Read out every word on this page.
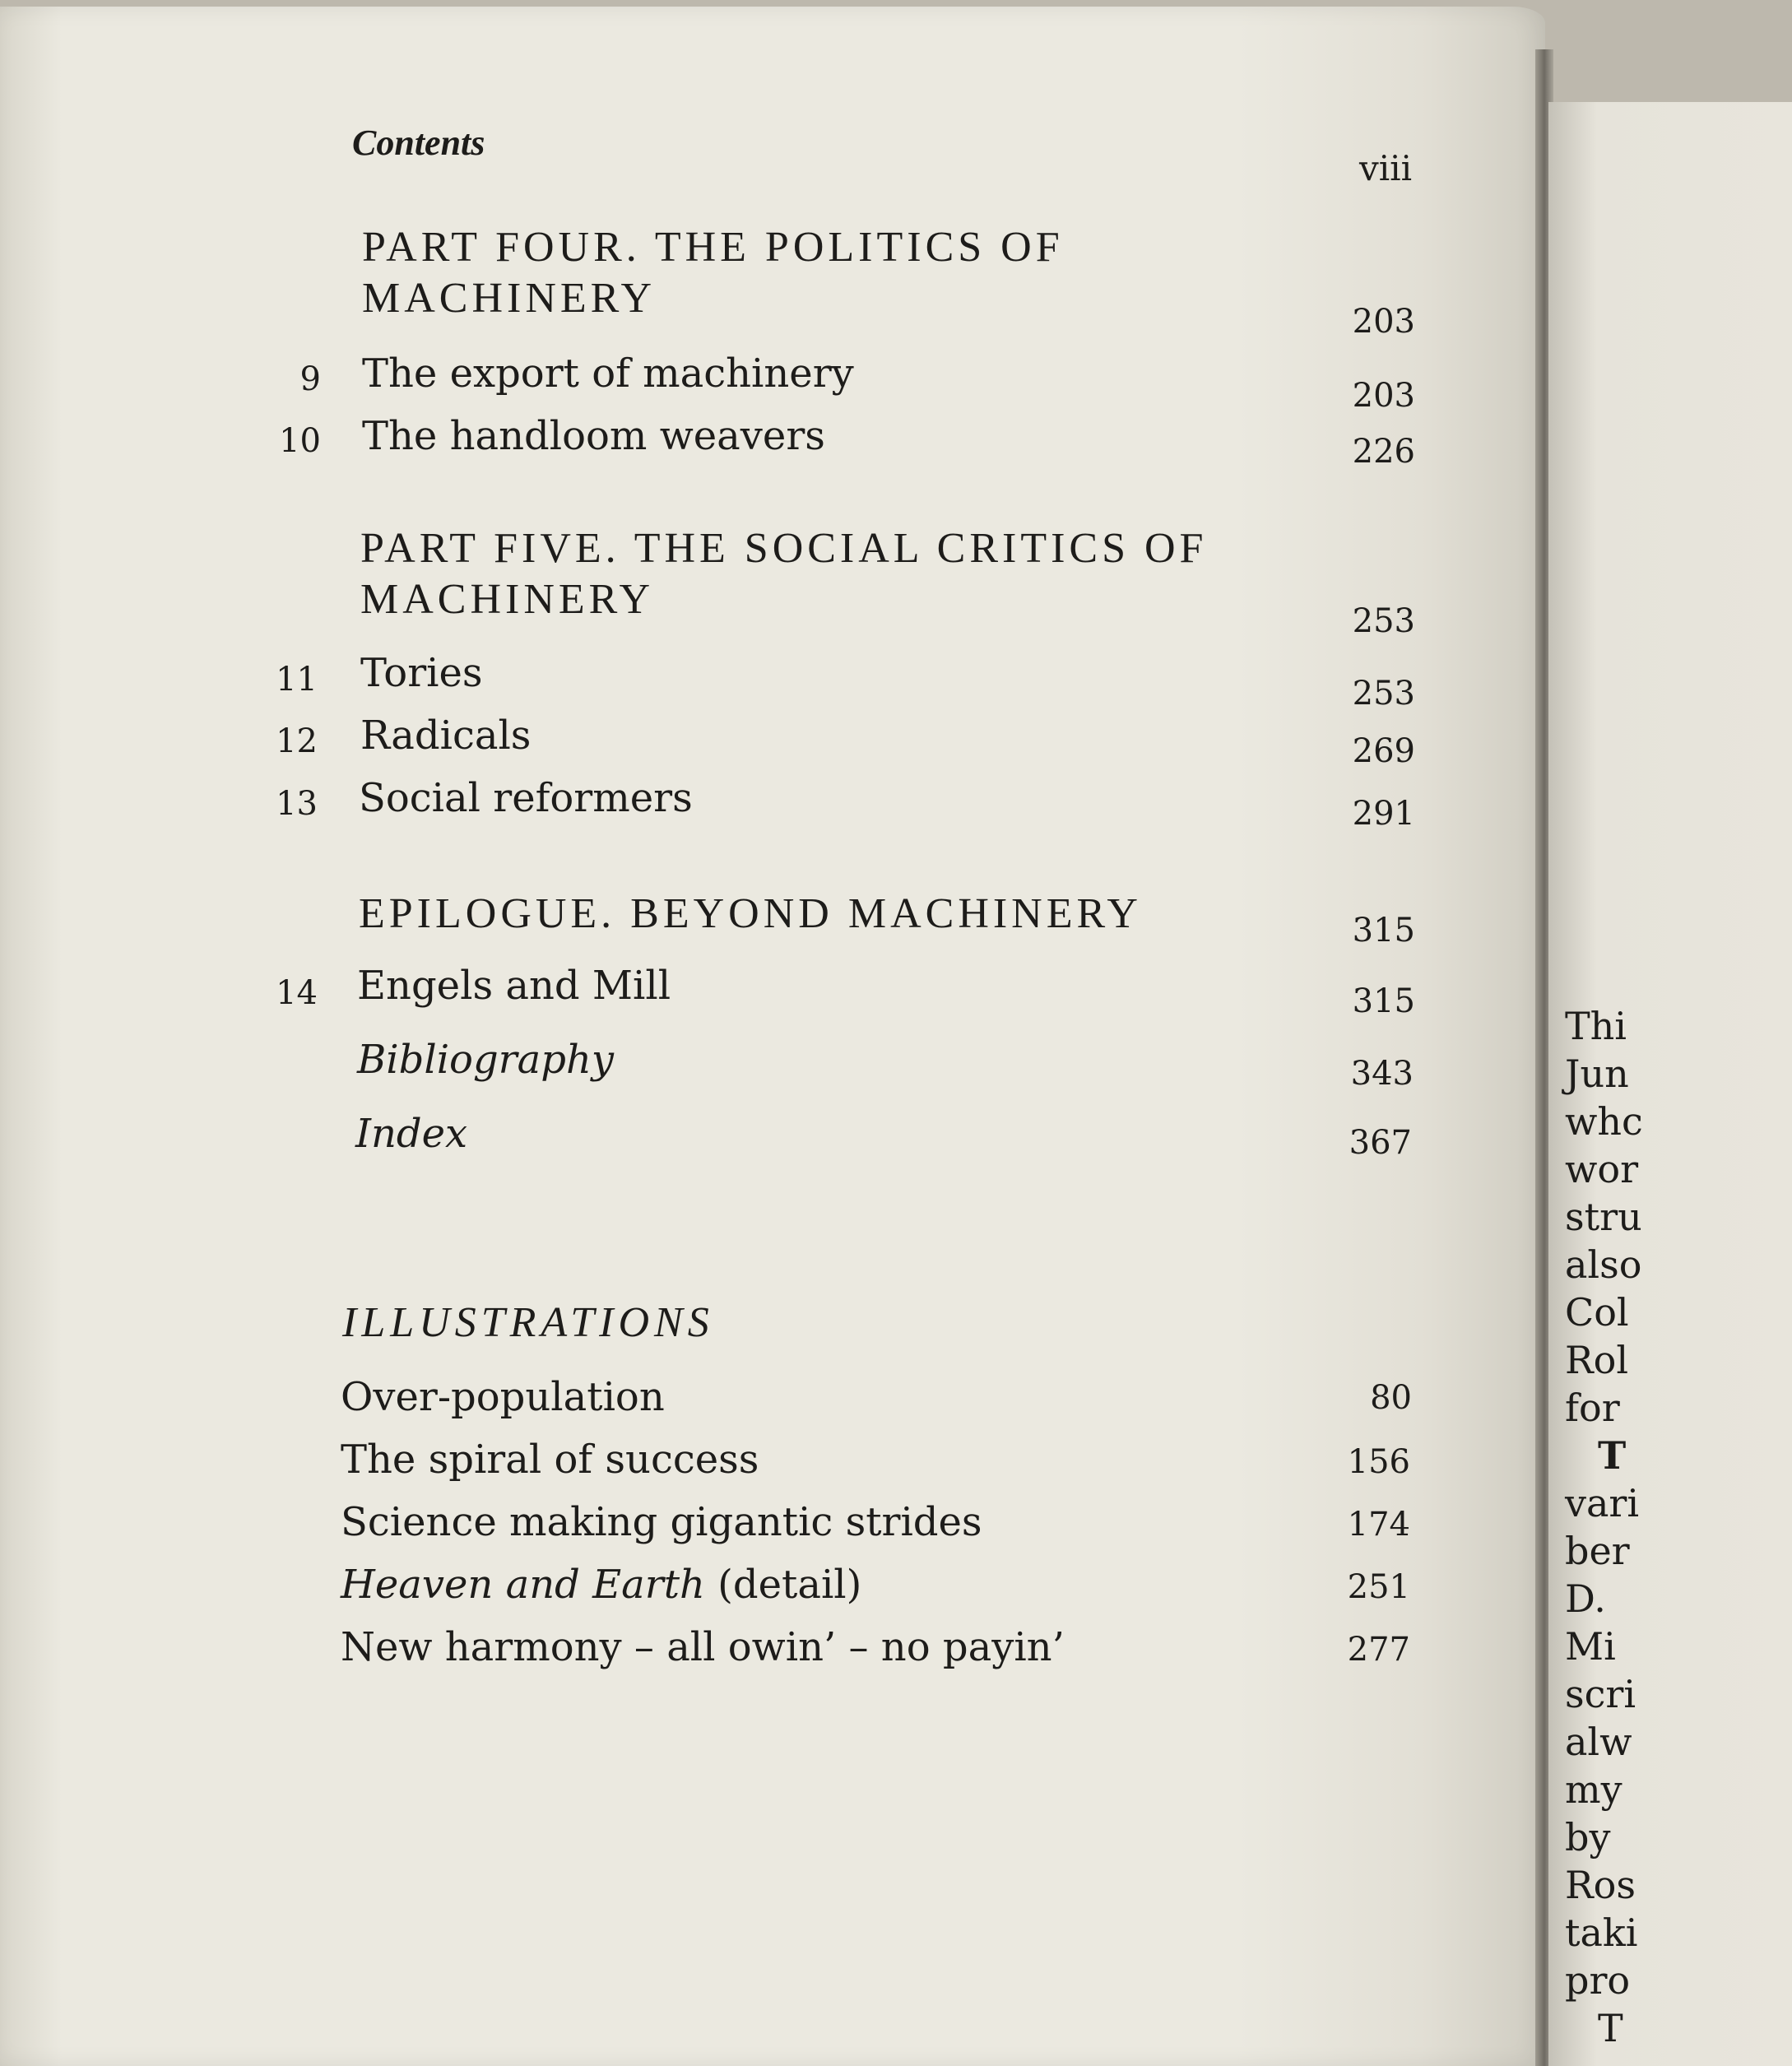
Contents
viii
PART FOUR. THE POLITICS OF
MACHINERY	203
9 The export of machinery	203
10 The handloom weavers	226
PART FIVE. THE SOCIAL CRITICS OF
MACHINERY	253
11 Tories	253
12 Radicals	269
13 Social reformers	291
EPILOGUE. BEYOND MACHINERY	315
14 Engels and Mill	315
Bibliography	343
Index	367
ILLUSTRATIONS
Over-population	80
The spiral of success	156
Science making gigantic strides	174
Heaven and Earth (detail)	251
New harmony – all owin’ – no payin’	277
Thi
Jun
whc
wor
stru
also
Col
Rol
for
T
vari
ber
D.
Mi
scri
alw
my
by
Ros
taki
pro
T
